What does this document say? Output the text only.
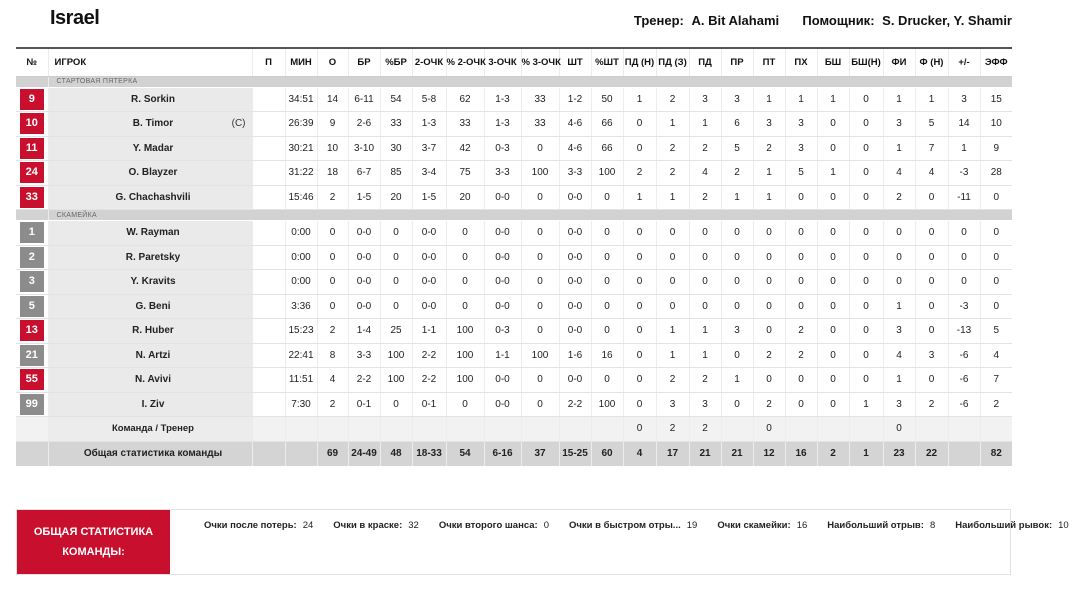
Israel	Тренер: A. Bit Alahami Помощник: S. Drucker, Y. Shamir
№	ИГРОК	П	МИН	О	БР	%БР	2-ОЧК	% 2-ОЧК	3-ОЧК	% 3-ОЧК	ШТ	%ШТ	ПД (Н)	ПД (З)	ПД	ПР	ПТ	ПХ	БШ	БШ(Н)	ФИ	Ф (Н)	+/-	ЭФФ
	СТАРТОВАЯ ПЯТЕРКА																							

9	R. Sorkin		34:51	14	6-11	54	5-8	62	1-3	33	1-2	50	1	2	3	3	1	1	1	0	1	1	3	15

10	B. Timor (C)		26:39	9	2-6	33	1-3	33	1-3	33	4-6	66	0	1	1	6	3	3	0	0	3	5	14	10

11	Y. Madar		30:21	10	3-10	30	3-7	42	0-3	0	4-6	66	0	2	2	5	2	3	0	0	1	7	1	9

24	O. Blayzer		31:22	18	6-7	85	3-4	75	3-3	100	3-3	100	2	2	4	2	1	5	1	0	4	4	-3	28

33	G. Chachashvili		15:46	2	1-5	20	1-5	20	0-0	0	0-0	0	1	1	2	1	1	0	0	0	2	0	-11	0
	СКАМЕЙКА																							

1	W. Rayman		0:00	0	0-0	0	0-0	0	0-0	0	0-0	0	0	0	0	0	0	0	0	0	0	0	0	0

2	R. Paretsky		0:00	0	0-0	0	0-0	0	0-0	0	0-0	0	0	0	0	0	0	0	0	0	0	0	0	0

3	Y. Kravits		0:00	0	0-0	0	0-0	0	0-0	0	0-0	0	0	0	0	0	0	0	0	0	0	0	0	0

5	G. Beni		3:36	0	0-0	0	0-0	0	0-0	0	0-0	0	0	0	0	0	0	0	0	0	1	0	-3	0

13	R. Huber		15:23	2	1-4	25	1-1	100	0-3	0	0-0	0	0	1	1	3	0	2	0	0	3	0	-13	5

21	N. Artzi		22:41	8	3-3	100	2-2	100	1-1	100	1-6	16	0	1	1	0	2	2	0	0	4	3	-6	4

55	N. Avivi		11:51	4	2-2	100	2-2	100	0-0	0	0-0	0	0	2	2	1	0	0	0	0	1	0	-6	7

99	I. Ziv		7:30	2	0-1	0	0-1	0	0-0	0	2-2	100	0	3	3	0	2	0	0	1	3	2	-6	2
	Команда / Тренер												0	2	2		0				0			
	Общая статистика команды			69	24-49	48	18-33	54	6-16	37	15-25	60	4	17	21	21	12	16	2	1	23	22		82
ОБЩАЯ СТАТИСТИКА
КОМАНДЫ:
Очки после потерь: 24 Очки в краске: 32 Очки второго шанса: 0 Очки в быстром отры... 19 Очки скамейки: 16 Наибольший отрыв: 8 Наибольший рывок: 10
